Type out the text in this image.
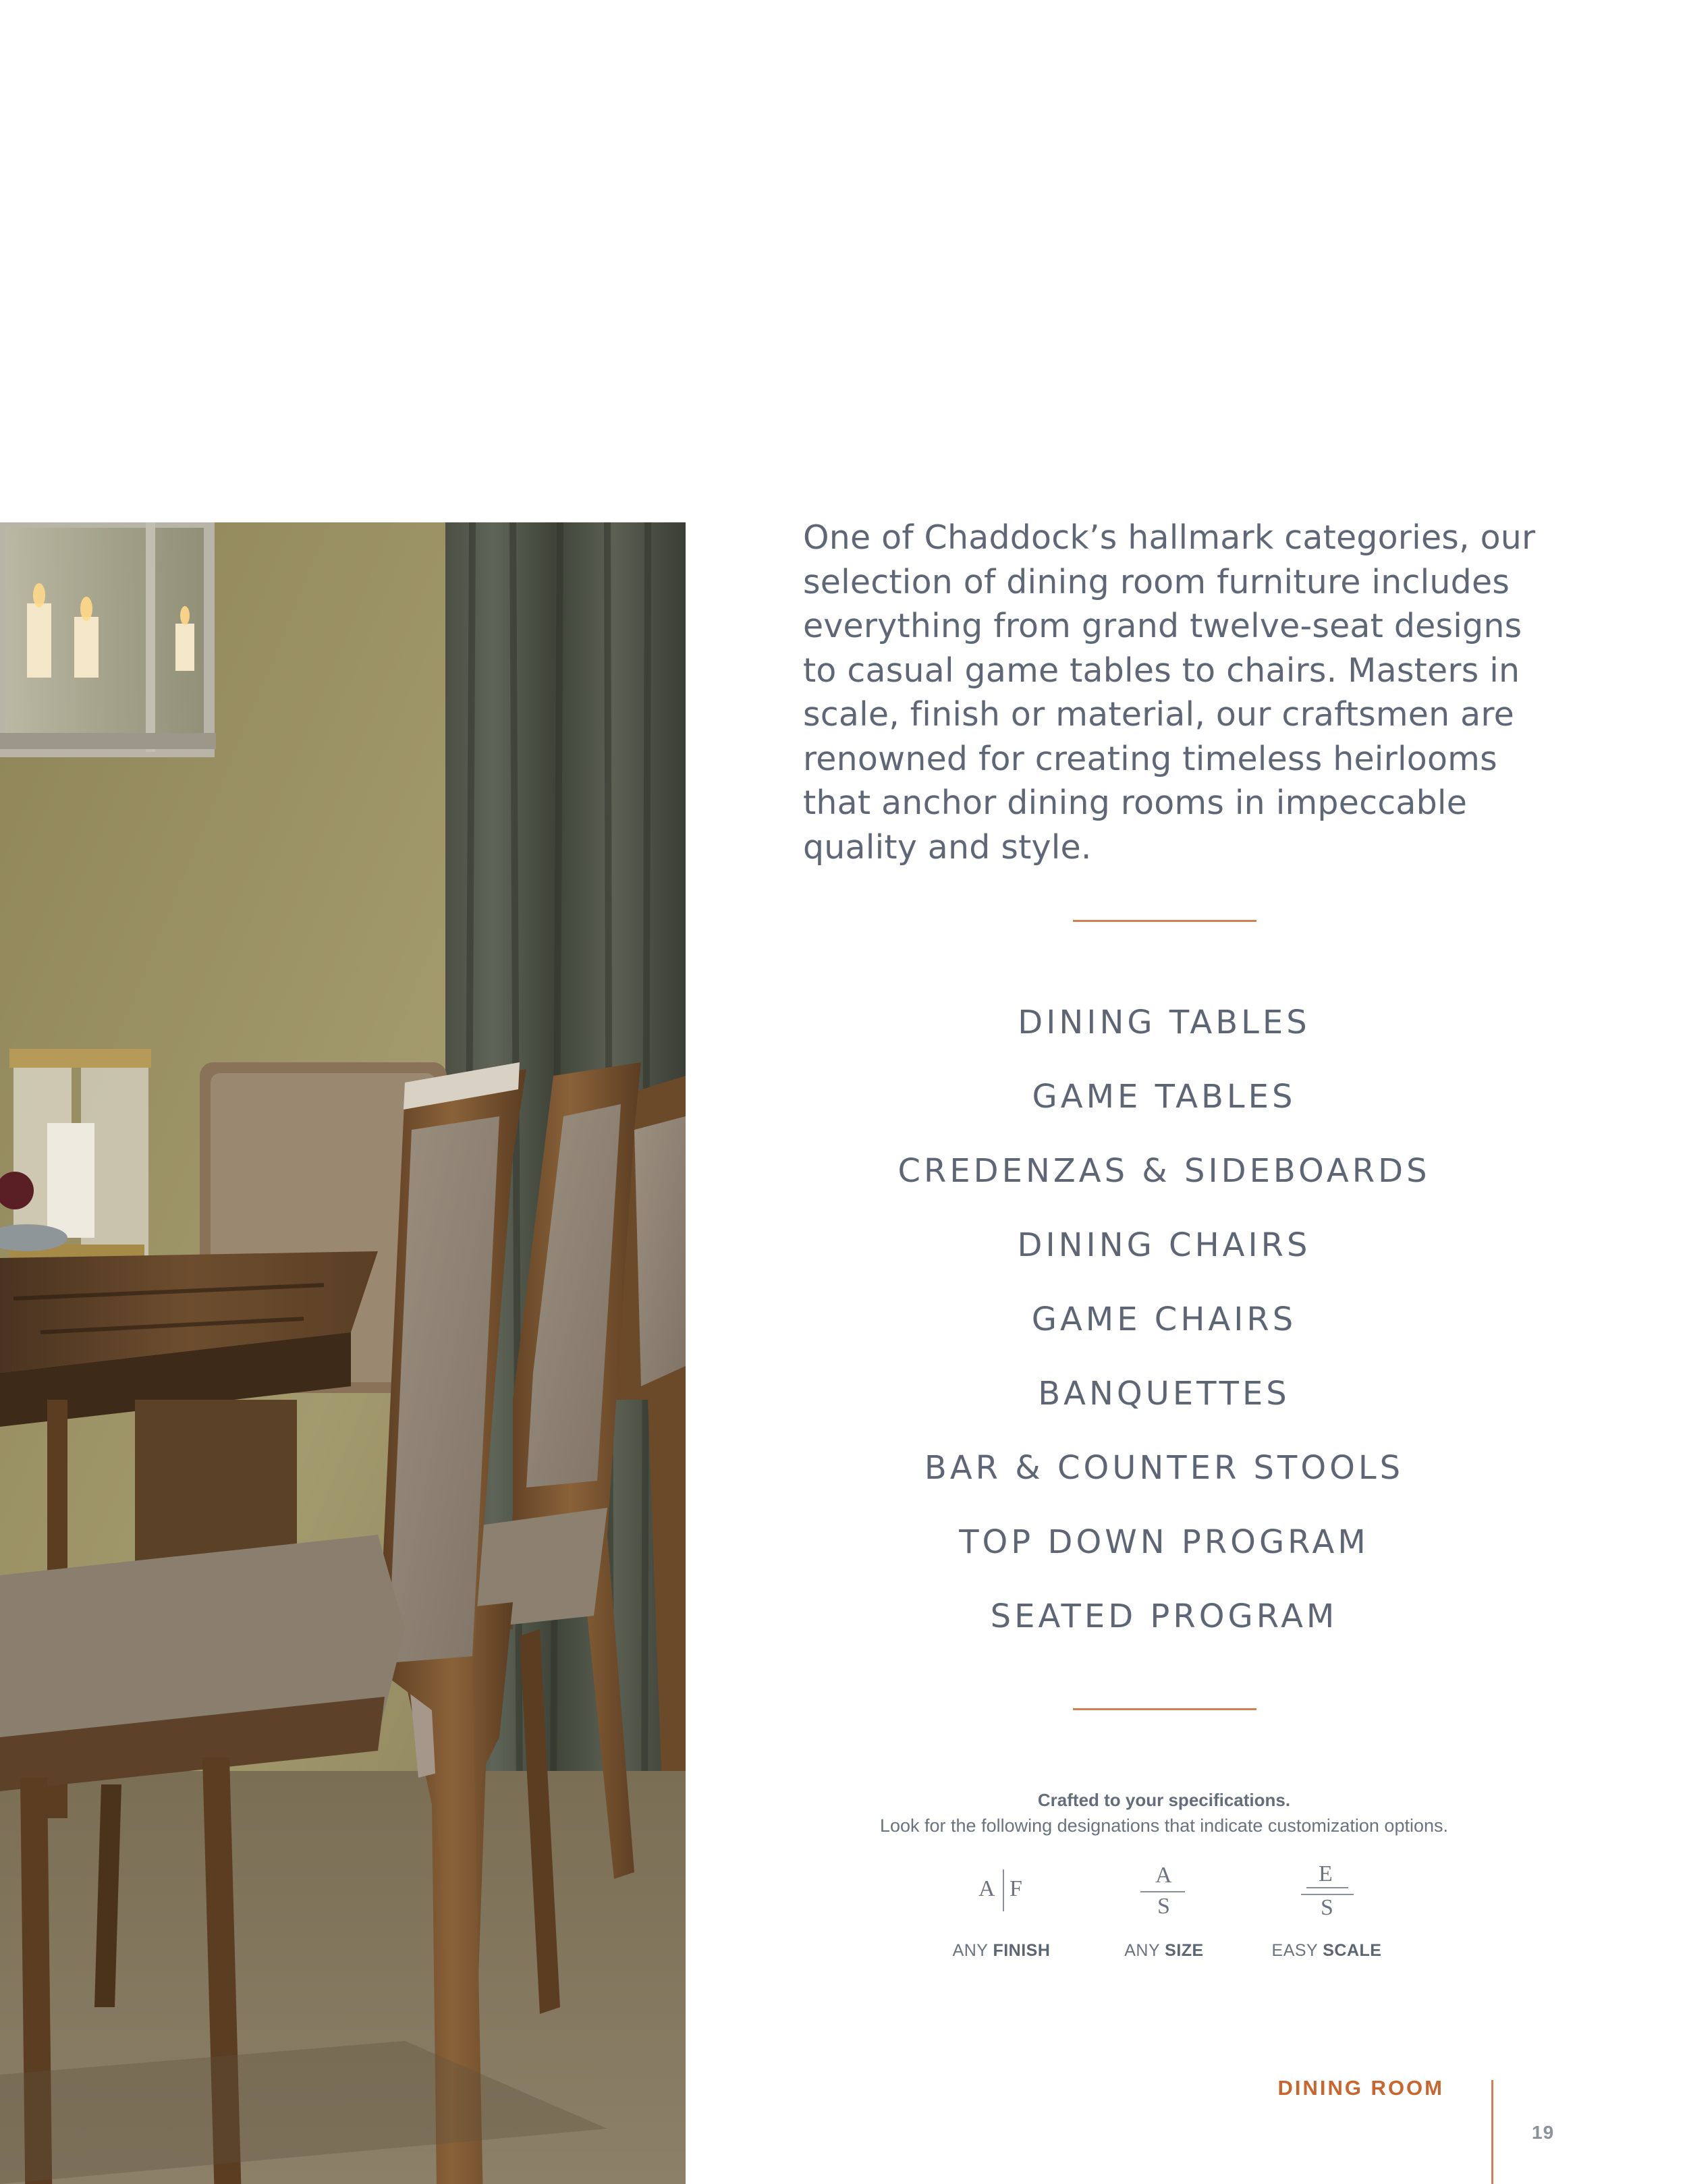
One of Chaddock’s hallmark categories, our
selection of dining room furniture includes
everything from grand twelve-seat designs
to casual game tables to chairs. Masters in
scale, finish or material, our craftsmen are
renowned for creating timeless heirlooms
that anchor dining rooms in impeccable
quality and style.
DINING TABLES
GAME TABLES
CREDENZAS & SIDEBOARDS
DINING CHAIRS
GAME CHAIRS
BANQUETTES
BAR & COUNTER STOOLS
TOP DOWN PROGRAM
SEATED PROGRAM
Crafted to your specifications.
Look for the following designations that indicate customization options.
A F
A
S
E
S
ANY FINISH	ANY SIZE	EASY SCALE
DINING ROOM
19
